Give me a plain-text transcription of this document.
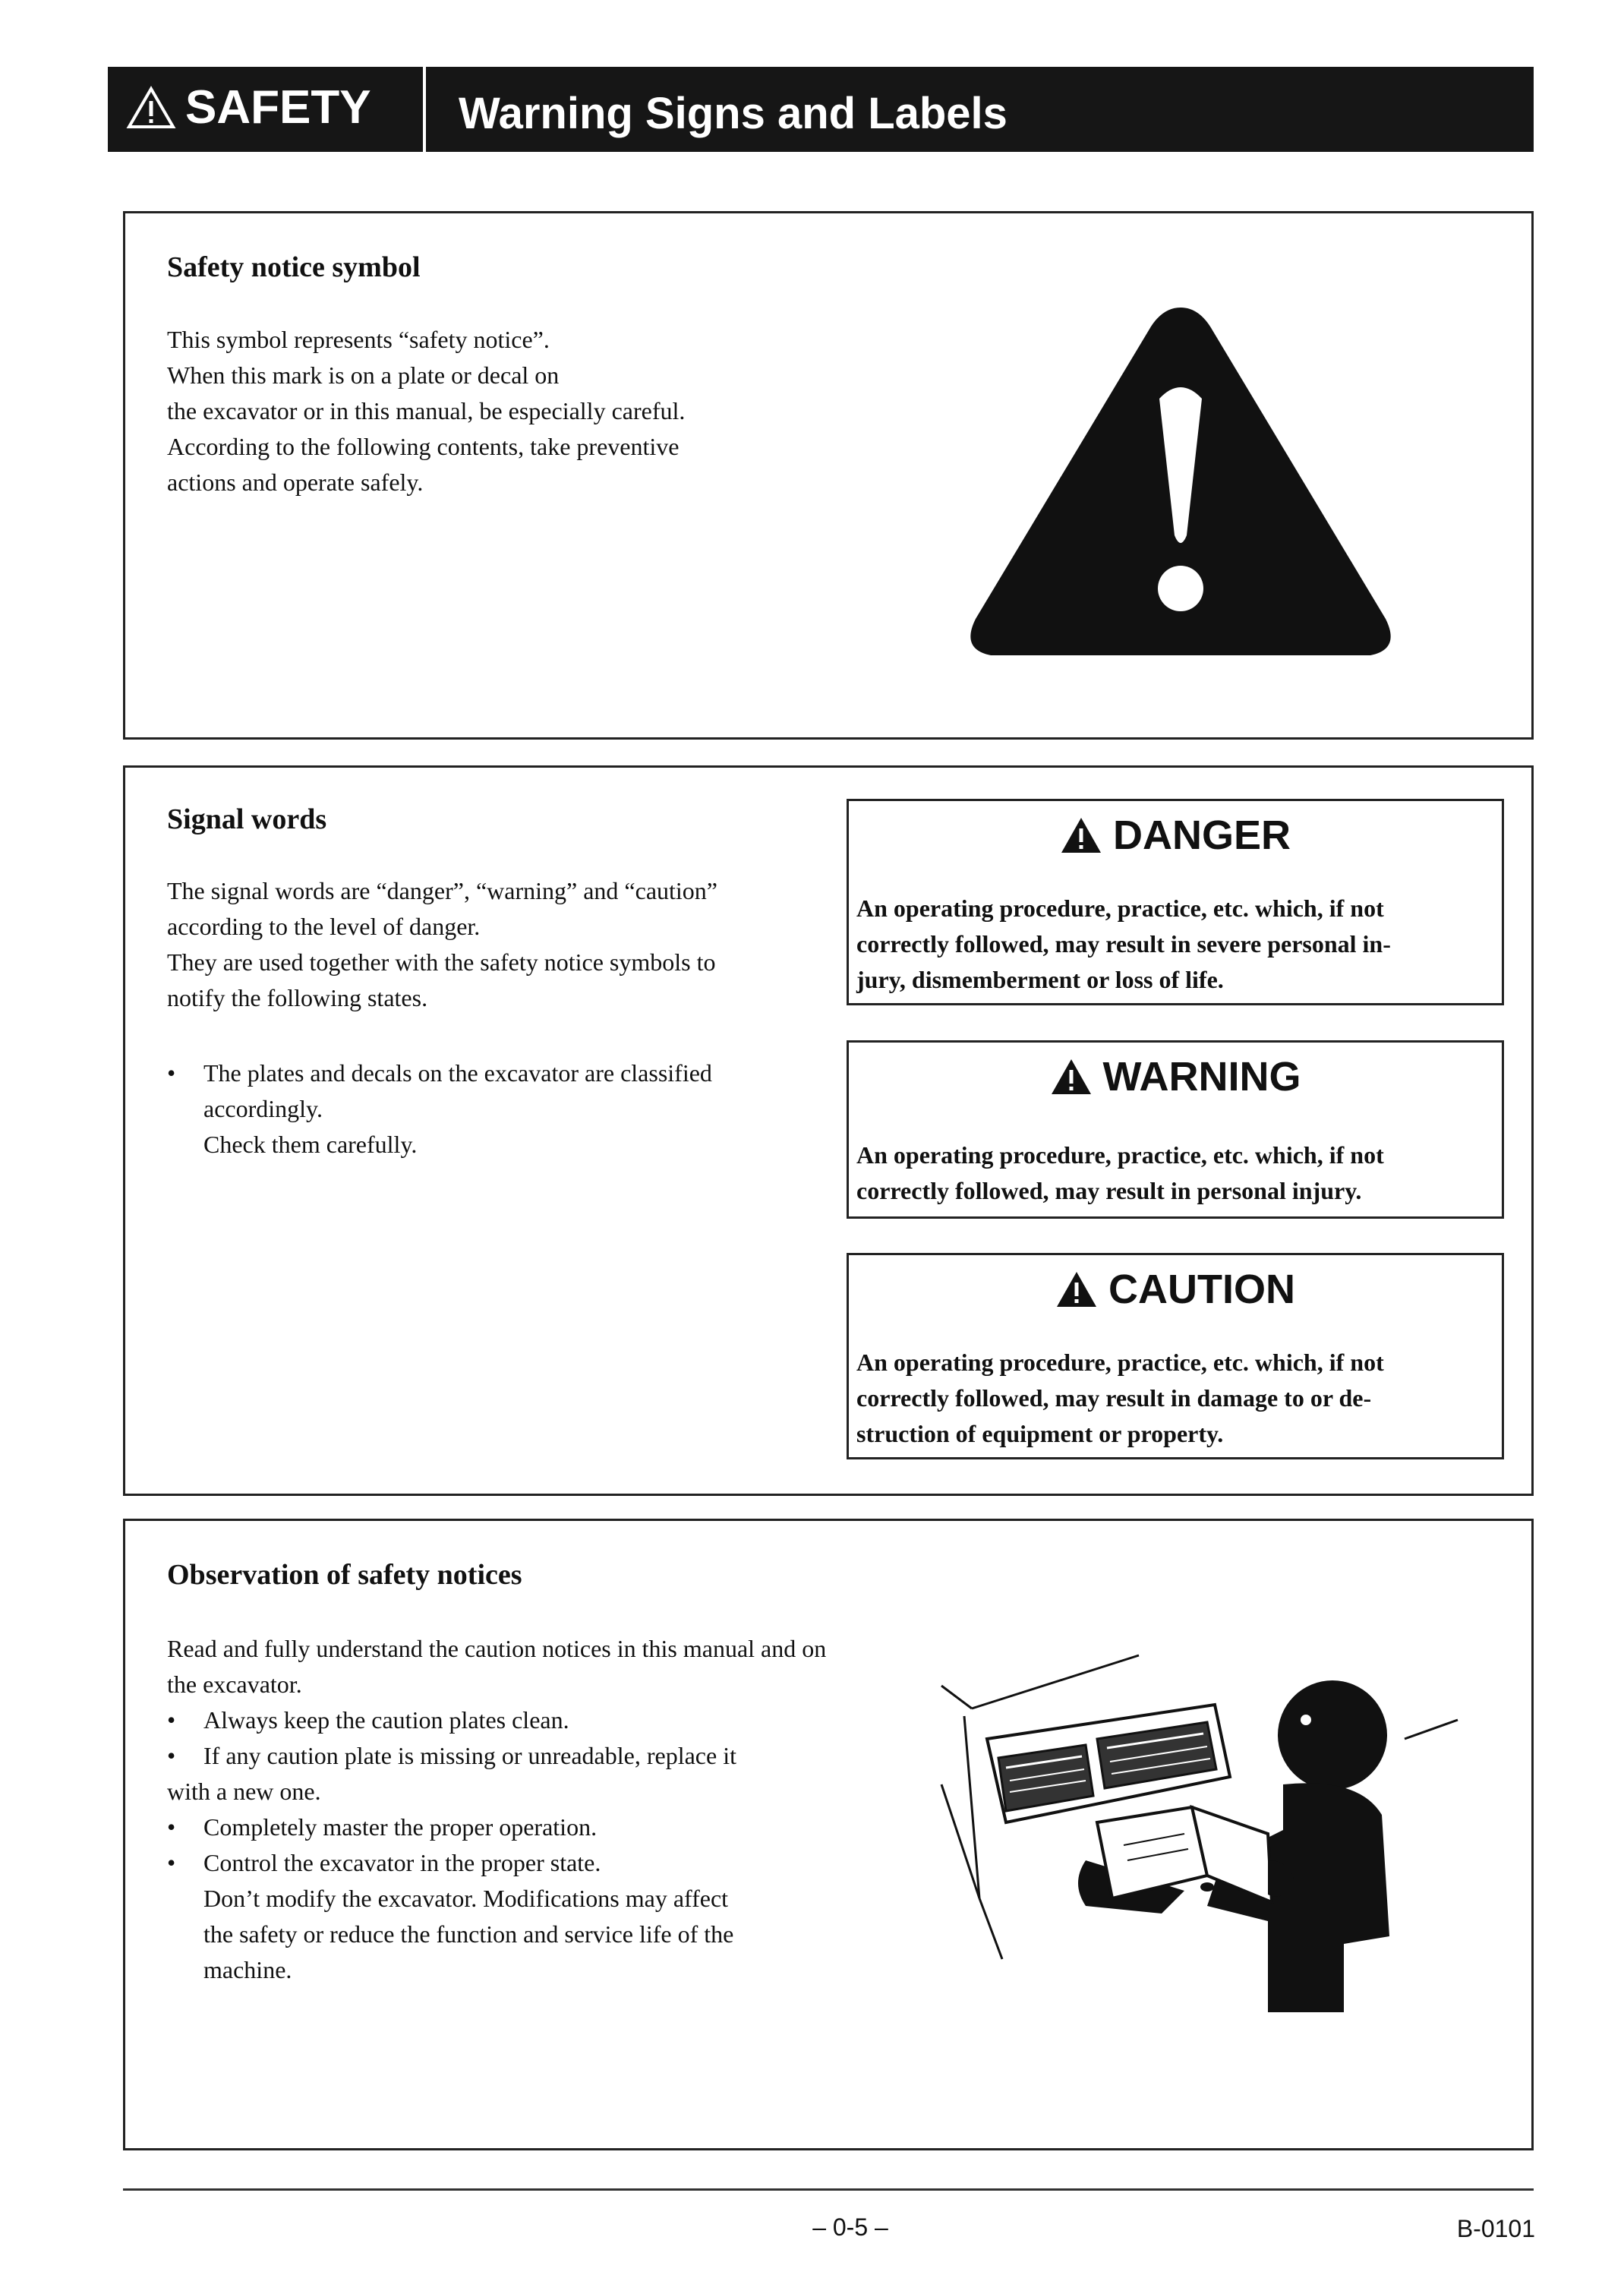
SAFETY Warning Signs and Labels
Safety notice symbol
This symbol represents “safety notice”.
When this mark is on a plate or decal on
the excavator or in this manual, be especially careful.
According to the following contents, take preventive
actions and operate safely.
Signal words
The signal words are “danger”, “warning” and “caution”
according to the level of danger.
They are used together with the safety notice symbols to
notify the following states.
• The plates and decals on the excavator are classified
accordingly.
Check them carefully.
DANGER
An operating procedure, practice, etc. which, if not
correctly followed, may result in severe personal in-
jury, dismemberment or loss of life.
WARNING
An operating procedure, practice, etc. which, if not
correctly followed, may result in personal injury.
CAUTION
An operating procedure, practice, etc. which, if not
correctly followed, may result in damage to or de-
struction of equipment or property.
Observation of safety notices
Read and fully understand the caution notices in this manual and on
the excavator.
• Always keep the caution plates clean.
• If any caution plate is missing or unreadable, replace it
with a new one.
• Completely master the proper operation.
• Control the excavator in the proper state.
Don’t modify the excavator. Modifications may affect
the safety or reduce the function and service life of the
machine.
– 0-5 –	B-0101
